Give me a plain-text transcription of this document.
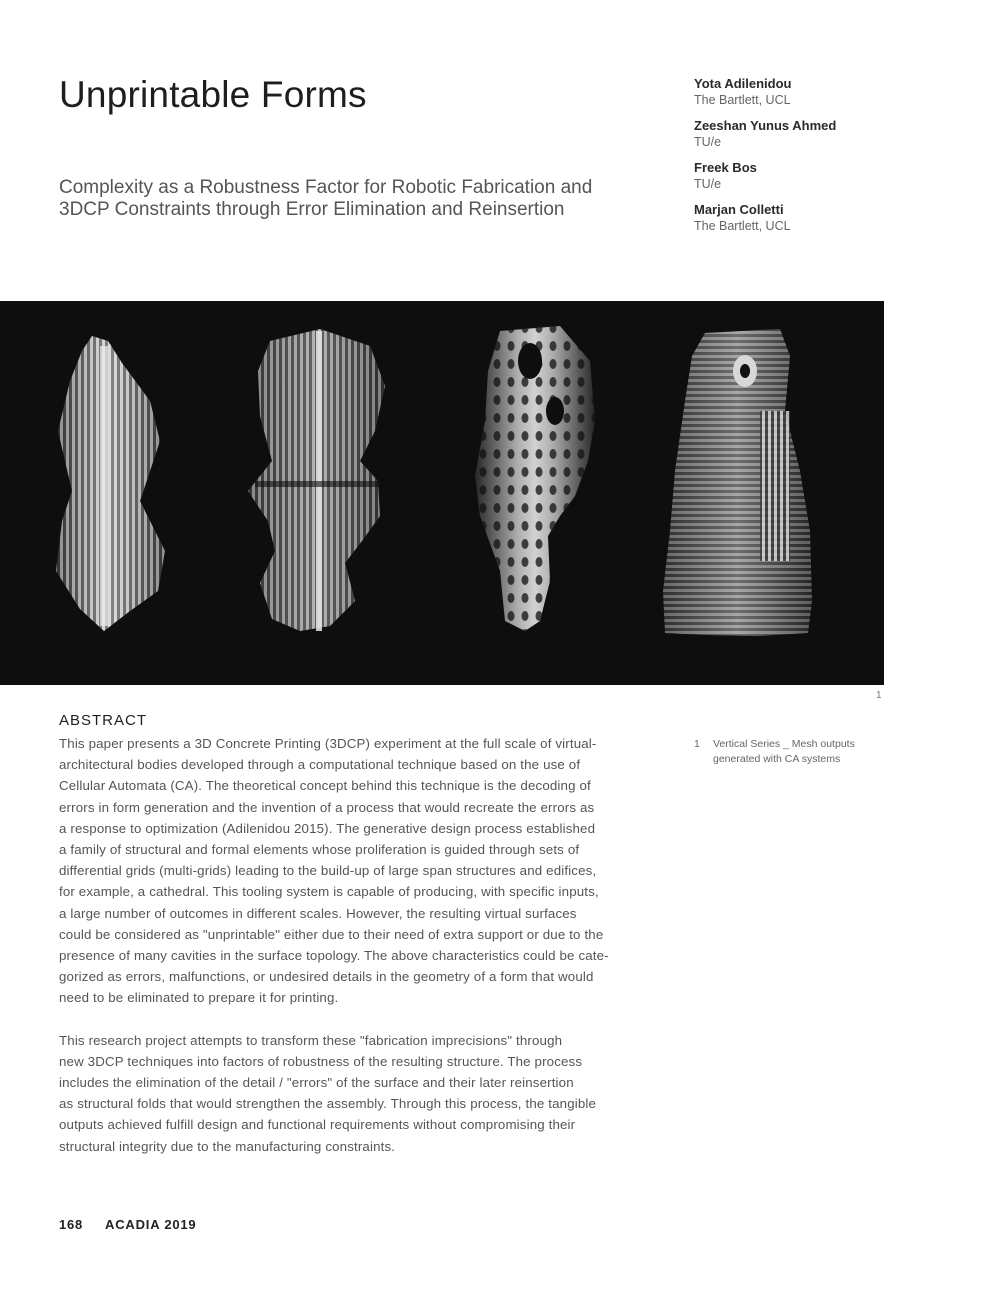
Unprintable Forms
Complexity as a Robustness Factor for Robotic Fabrication and
3DCP Constraints through Error Elimination and Reinsertion
Yota Adilenidou
The Bartlett, UCL
Zeeshan Yunus Ahmed
TU/e
Freek Bos
TU/e
Marjan Colletti
The Bartlett, UCL
1
ABSTRACT

This paper presents a 3D Concrete Printing (3DCP) experiment at the full scale of virtual-
architectural bodies developed through a computational technique based on the use of
Cellular Automata (CA). The theoretical concept behind this technique is the decoding of
errors in form generation and the invention of a process that would recreate the errors as
a response to optimization (Adilenidou 2015). The generative design process established
a family of structural and formal elements whose proliferation is guided through sets of
differential grids (multi-grids) leading to the build-up of large span structures and edifices,
for example, a cathedral. This tooling system is capable of producing, with specific inputs,
a large number of outcomes in different scales. However, the resulting virtual surfaces
could be considered as "unprintable" either due to their need of extra support or due to the
presence of many cavities in the surface topology. The above characteristics could be cate-
gorized as errors, malfunctions, or undesired details in the geometry of a form that would
need to be eliminated to prepare it for printing.

This research project attempts to transform these "fabrication imprecisions" through
new 3DCP techniques into factors of robustness of the resulting structure. The process
includes the elimination of the detail / "errors" of the surface and their later reinsertion
as structural folds that would strengthen the assembly. Through this process, the tangible
outputs achieved fulfill design and functional requirements without compromising their
structural integrity due to the manufacturing constraints.

1 Vertical Series _ Mesh outputs
generated with CA systems
168 ACADIA 2019
